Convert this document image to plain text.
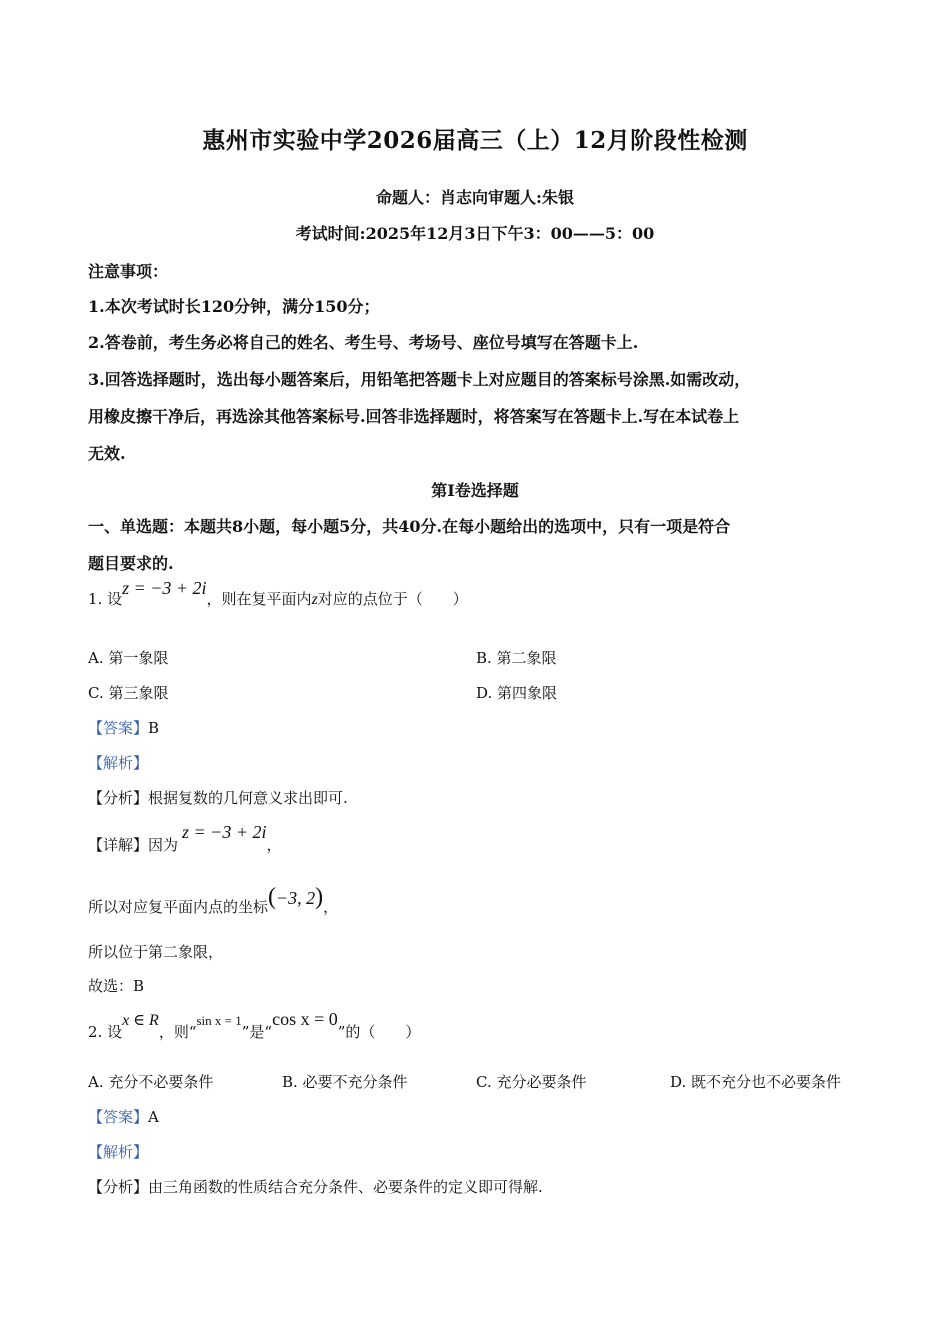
惠州市实验中学2026届高三（上）12月阶段性检测
命题人：肖志向审题人:朱银
考试时间:2025年12月3日下午3：00——5：00
注意事项：
1.本次考试时长120分钟，满分150分；
2.答卷前，考生务必将自己的姓名、考生号、考场号、座位号填写在答题卡上.
3.回答选择题时，选出每小题答案后，用铅笔把答题卡上对应题目的答案标号涂黑.如需改动，
用橡皮擦干净后，再选涂其他答案标号.回答非选择题时，将答案写在答题卡上.写在本试卷上
无效.
第I卷选择题
一、单选题：本题共8小题，每小题5分，共40分.在每小题给出的选项中，只有一项是符合
题目要求的.
1. 设z = −3 + 2i，则在复平面内z对应的点位于（　　）
A. 第一象限	B. 第二象限
C. 第三象限	D. 第四象限
【答案】B
【解析】
【分析】根据复数的几何意义求出即可.
【详解】因为z = −3 + 2i，
所以对应复平面内点的坐标(−3, 2)，
所以位于第二象限，
故选：B
2. 设x ∈ R，则“sin x = 1”是“cos x = 0”的（　　）
A. 充分不必要条件	B. 必要不充分条件	C. 充分必要条件	D. 既不充分也不必要条件
【答案】A
【解析】
【分析】由三角函数的性质结合充分条件、必要条件的定义即可得解.
